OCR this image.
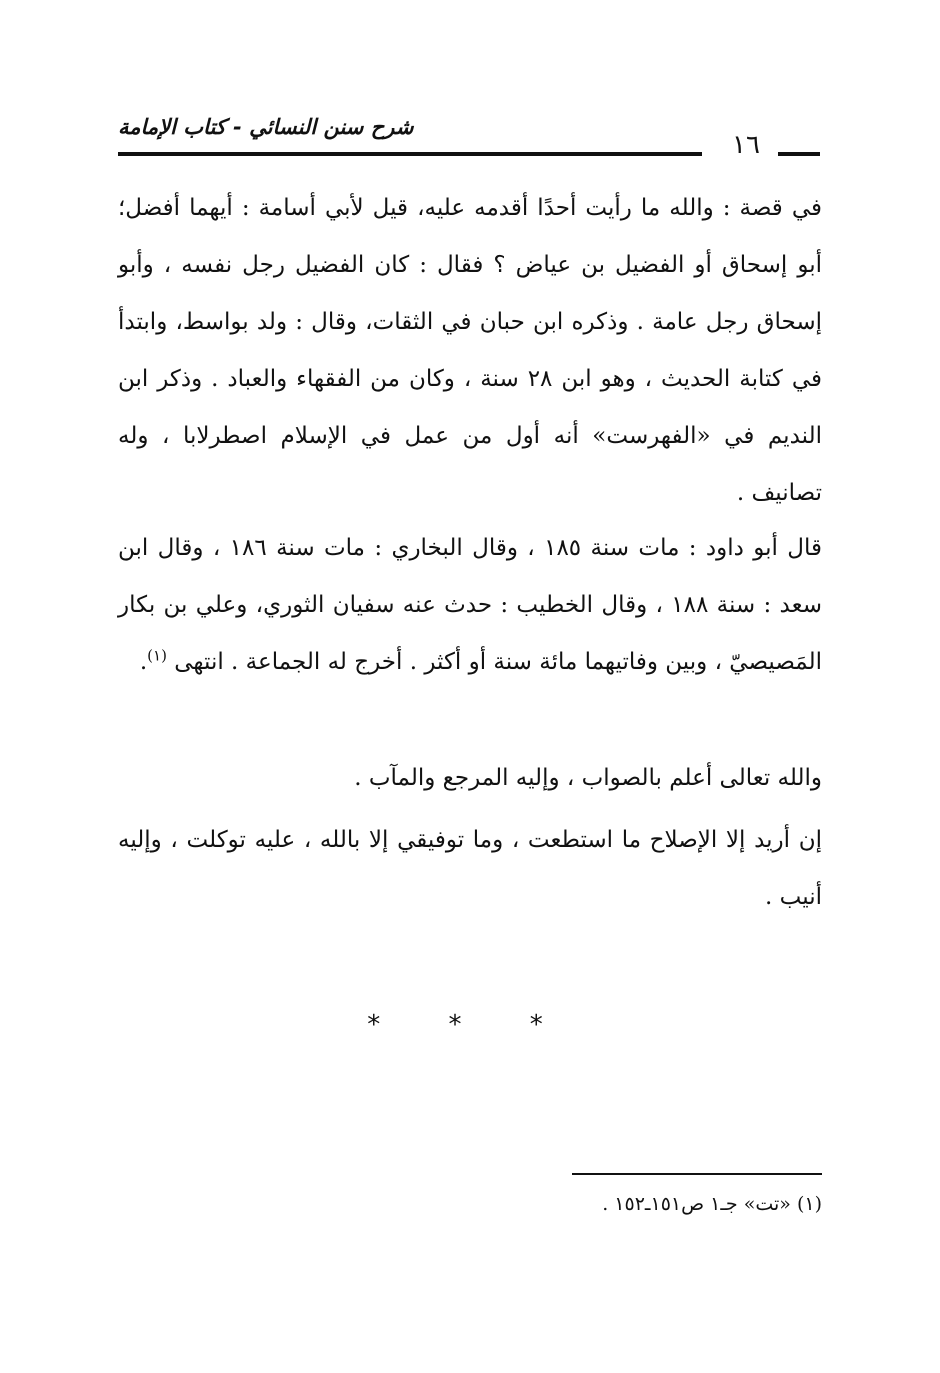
شرح سنن النسائي - كتاب الإمامة
١٦

في قصة : والله ما رأيت أحدًا أقدمه عليه، قيل لأبي أسامة : أيهما أفضل؛ أبو إسحاق أو الفضيل بن عياض ؟ فقال : كان الفضيل رجل نفسه ، وأبو إسحاق رجل عامة . وذكره ابن حبان في الثقات، وقال : ولد بواسط، وابتدأ في كتابة الحديث ، وهو ابن ٢٨ سنة ، وكان من الفقهاء والعباد . وذكر ابن النديم في «الفهرست» أنه أول من عمل في الإسلام اصطرلابا ، وله تصانيف .

قال أبو داود : مات سنة ١٨٥ ، وقال البخاري : مات سنة ١٨٦ ، وقال ابن سعد : سنة ١٨٨ ، وقال الخطيب : حدث عنه سفيان الثوري، وعلي بن بكار المَصيصيّ ، وبين وفاتيهما مائة سنة أو أكثر . أخرج له الجماعة . انتهى $^{(١)}$.

والله تعالى أعلم بالصواب ، وإليه المرجع والمآب .

إن أريد إلا الإصلاح ما استطعت ، وما توفيقي إلا بالله ، عليه توكلت ، وإليه أنيب .

* * *
(١) «تت» جـ١ ص١٥١ـ١٥٢ .
